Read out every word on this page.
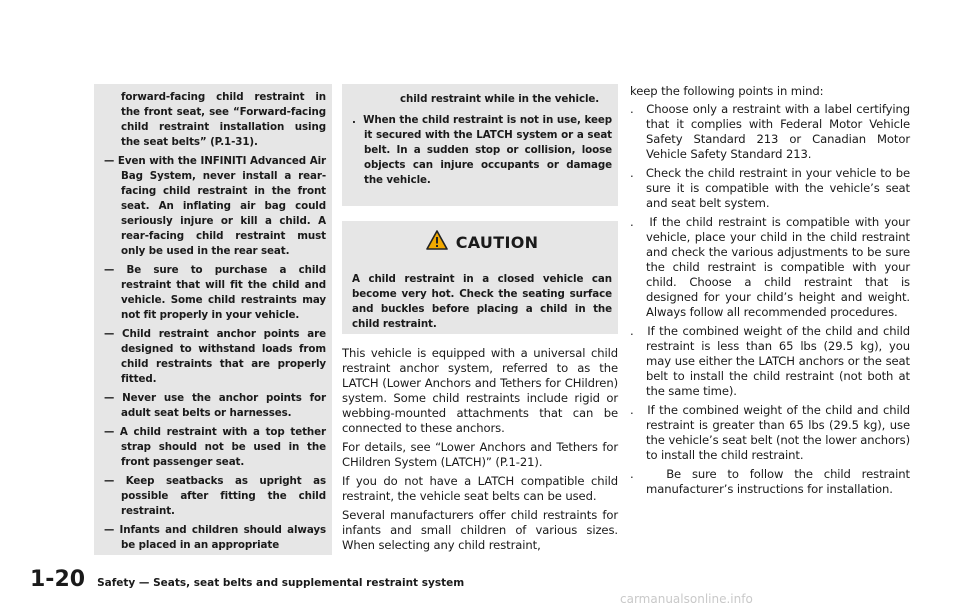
forward-facing child restraint in the front seat, see “Forward-facing child restraint installation using the seat belts” (P.1-31).

— Even with the INFINITI Advanced Air Bag System, never install a rear-facing child restraint in the front seat. An inflating air bag could seriously injure or kill a child. A rear-facing child restraint must only be used in the rear seat.

— Be sure to purchase a child restraint that will fit the child and vehicle. Some child restraints may not fit properly in your vehicle.

— Child restraint anchor points are designed to withstand loads from child restraints that are properly fitted.

— Never use the anchor points for adult seat belts or harnesses.

— A child restraint with a top tether strap should not be used in the front passenger seat.

— Keep seatbacks as upright as possible after fitting the child restraint.

— Infants and children should always be placed in an appropriate

child restraint while in the vehicle.

.  When the child restraint is not in use, keep it secured with the LATCH system or a seat belt. In a sudden stop or collision, loose objects can injure occupants or damage the vehicle.

CAUTION

A child restraint in a closed vehicle can become very hot. Check the seating surface and buckles before placing a child in the child restraint.

This vehicle is equipped with a universal child restraint anchor system, referred to as the LATCH (Lower Anchors and Tethers for CHildren) system. Some child restraints include rigid or webbing-mounted attachments that can be connected to these anchors.

For details, see “Lower Anchors and Tethers for CHildren System (LATCH)” (P.1-21).

If you do not have a LATCH compatible child restraint, the vehicle seat belts can be used.

Several manufacturers offer child restraints for infants and small children of various sizes. When selecting any child restraint,

keep the following points in mind:

.   Choose only a restraint with a label certifying that it complies with Federal Motor Vehicle Safety Standard 213 or Canadian Motor Vehicle Safety Standard 213.

.   Check the child restraint in your vehicle to be sure it is compatible with the vehicle’s seat and seat belt system.

.   If the child restraint is compatible with your vehicle, place your child in the child restraint and check the various adjustments to be sure the child restraint is compatible with your child. Choose a child restraint that is designed for your child’s height and weight. Always follow all recommended procedures.

.   If the combined weight of the child and child restraint is less than 65 lbs (29.5 kg), you may use either the LATCH anchors or the seat belt to install the child restraint (not both at the same time).

.   If the combined weight of the child and child restraint is greater than 65 lbs (29.5 kg), use the vehicle’s seat belt (not the lower anchors) to install the child restraint.

.   Be sure to follow the child restraint manufacturer’s instructions for installation.

1-20 Safety — Seats, seat belts and supplemental restraint system
carmanualsonline.info
